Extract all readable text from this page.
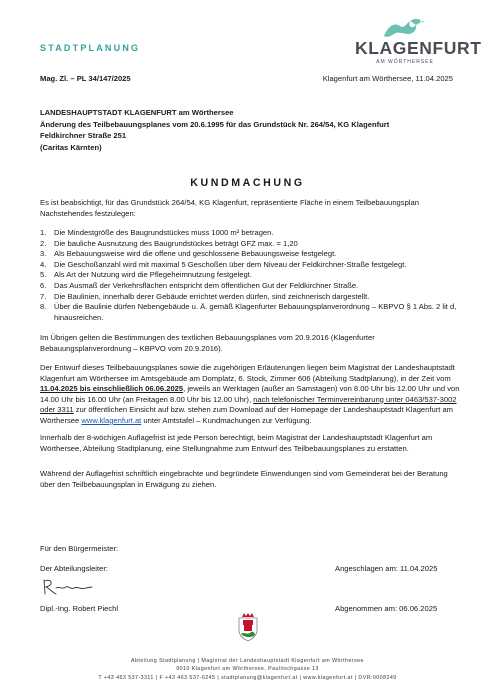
STADTPLANUNG	KLAGENFURT
AM WÖRTHERSEE
Mag. Zl. – PL 34/147/2025	Klagenfurt am Wörthersee, 11.04.2025
LANDESHAUPTSTADT KLAGENFURT am Wörthersee
Änderung des Teilbebauungsplanes vom 20.6.1995 für das Grundstück Nr. 264/54, KG Klagenfurt
Feldkirchner Straße 251
(Caritas Kärnten)
KUNDMACHUNG
Es ist beabsichtigt, für das Grundstück 264/54, KG Klagenfurt, repräsentierte Fläche in einem Teilbebauungsplan Nachstehendes festzulegen:
1. Die Mindestgröße des Baugrundstückes muss 1000 m² betragen.
2. Die bauliche Ausnutzung des Baugrundstückes beträgt GFZ max. = 1,20
3. Als Bebauungsweise wird die offene und geschlossene Bebauungsweise festgelegt.
4. Die Geschoßanzahl wird mit maximal 5 Geschoßen über dem Niveau der Feldkirchner-Straße festgelegt.
5. Als Art der Nutzung wird die Pflegeheimnutzung festgelegt.
6. Das Ausmaß der Verkehrsflächen entspricht dem öffentlichen Gut der Feldkirchner Straße.
7. Die Baulinien, innerhalb derer Gebäude errichtet werden dürfen, sind zeichnerisch dargestellt.
8. Über die Baulinie dürfen Nebengebäude u. Ä. gemäß Klagenfurter Bebauungsplanverordnung – KBPVO § 1 Abs. 2 lit d, hinausreichen.
Im Übrigen gelten die Bestimmungen des textlichen Bebauungsplanes vom 20.9.2016 (Klagenfurter Bebauungsplanverordnung – KBPVO vom 20.9.2016).
Der Entwurf dieses Teilbebauungsplanes sowie die zugehörigen Erläuterungen liegen beim Magistrat der Landeshauptstadt Klagenfurt am Wörthersee im Amtsgebäude am Domplatz, 6. Stock, Zimmer 606 (Abteilung Stadtplanung), in der Zeit vom 11.04.2025 bis einschließlich 06.06.2025, jeweils an Werktagen (außer an Samstagen) von 8.00 Uhr bis 12.00 Uhr und von 14.00 Uhr bis 16.00 Uhr (an Freitagen 8.00 Uhr bis 12.00 Uhr), nach telefonischer Terminvereinbarung unter 0463/537-3002 oder 3311 zur öffentlichen Einsicht auf bzw. stehen zum Download auf der Homepage der Landeshauptstadt Klagenfurt am Wörthersee www.klagenfurt.at unter Amtstafel – Kundmachungen zur Verfügung.
Innerhalb der 8-wöchigen Auflagefrist ist jede Person berechtigt, beim Magistrat der Landeshauptstadt Klagenfurt am Wörthersee, Abteilung Stadtplanung, eine Stellungnahme zum Entwurf des Teilbebauungsplanes zu erstatten.
Während der Auflagefrist schriftlich eingebrachte und begründete Einwendungen sind vom Gemeinderat bei der Beratung über den Teilbebauungsplan in Erwägung zu ziehen.
Für den Bürgermeister:
Der Abteilungsleiter:	Angeschlagen am: 11.04.2025
Dipl.-Ing. Robert Piechl	Abgenommen am: 06.06.2025
Abteilung Stadtplanung | Magistrat der Landeshauptstadt Klagenfurt am Wörthersee
9010 Klagenfurt am Wörthersee, Paulitschgasse 13
T +43 463 537-3311 | F +43 463 537-6245 | stadtplanung@klagenfurt.at | www.klagenfurt.at | DVR:0008249
